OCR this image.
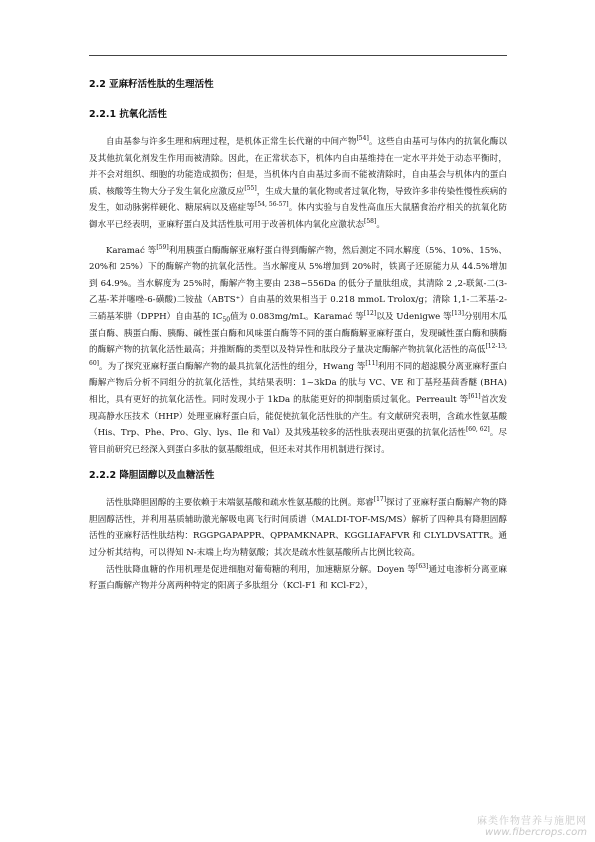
2.2 亚麻籽活性肽的生理活性
2.2.1 抗氧化活性

自由基参与许多生理和病理过程，是机体正常生长代谢的中间产物[54]。这些自由基可与体内的抗氧化酶以及其他抗氧化剂发生作用而被清除。因此，在正常状态下，机体内自由基维持在一定水平并处于动态平衡时，并不会对组织、细胞的功能造成损伤；但是，当机体内自由基过多而不能被清除时，自由基会与机体内的蛋白质、核酸等生物大分子发生氧化应激反应[55]，生成大量的氧化物或者过氧化物，导致许多非传染性慢性疾病的发生，如动脉粥样硬化、糖尿病以及癌症等[54, 56-57]。体内实验与自发性高血压大鼠膳食治疗相关的抗氧化防御水平已经表明，亚麻籽蛋白及其活性肽可用于改善机体内氧化应激状态[58]。

Karamać 等[59]利用胰蛋白酶酶解亚麻籽蛋白得到酶解产物，然后测定不同水解度（5%、10%、15%、20%和 25%）下的酶解产物的抗氧化活性。当水解度从 5%增加到 20%时，铁离子还原能力从 44.5%增加到 64.9%。当水解度为 25%时，酶解产物主要由 238~556Da 的低分子量肽组成，其清除 2 ,2-联氮-二(3-乙基-苯并噻唑-6-磺酸)二铵盐（ABTS⁺）自由基的效果相当于 0.218 mmoL Trolox/g；清除 1,1-二苯基-2-三硝基苯肼（DPPH）自由基的 $IC_{50}$值为 0.083mg/mL。Karamać 等[12]以及 Udenigwe 等[13]分别用木瓜蛋白酶、胰蛋白酶、胰酶、碱性蛋白酶和风味蛋白酶等不同的蛋白酶酶解亚麻籽蛋白，发现碱性蛋白酶和胰酶的酶解产物的抗氧化活性最高；并推断酶的类型以及特异性和肽段分子量决定酶解产物抗氧化活性的高低[12-13, 60]。为了探究亚麻籽蛋白酶解产物的最具抗氧化活性的组分，Hwang 等[11]利用不同的超滤膜分离亚麻籽蛋白酶解产物后分析不同组分的抗氧化活性，其结果表明：1~3kDa 的肽与 VC、VE 和丁基羟基茴香醚 (BHA) 相比，具有更好的抗氧化活性。同时发现小于 1kDa 的肽能更好的抑制脂质过氧化。Perreault 等[61]首次发现高静水压技术（HHP）处理亚麻籽蛋白后，能促使抗氧化活性肽的产生。有文献研究表明，含疏水性氨基酸（His、Trp、Phe、Pro、Gly、lys、Ile 和 Val）及其残基较多的活性肽表现出更强的抗氧化活性[60, 62]。尽管目前研究已经深入到蛋白多肽的氨基酸组成，但还未对其作用机制进行探讨。

2.2.2 降胆固醇以及血糖活性

活性肽降胆固醇的主要依赖于末端氨基酸和疏水性氨基酸的比例。郑睿[17]探讨了亚麻籽蛋白酶解产物的降胆固醇活性，并利用基质辅助激光解吸电离飞行时间质谱（MALDI-TOF-MS/MS）解析了四种具有降胆固醇活性的亚麻籽活性肽结构：RGGPGAPAPPR、QPPAMKNAPR、KGGLIAFAFVR 和 CLYLDVSATTR。通过分析其结构，可以得知 N-末端上均为精氨酸；其次是疏水性氨基酸所占比例比较高。

活性肽降血糖的作用机理是促进细胞对葡萄糖的利用，加速糖原分解。Doyen 等[63]通过电渗析分离亚麻籽蛋白酶解产物并分离两种特定的阳离子多肽组分（KCl-F1 和 KCl-F2），

麻类作物营养与施肥网
www.fibercrops.com
